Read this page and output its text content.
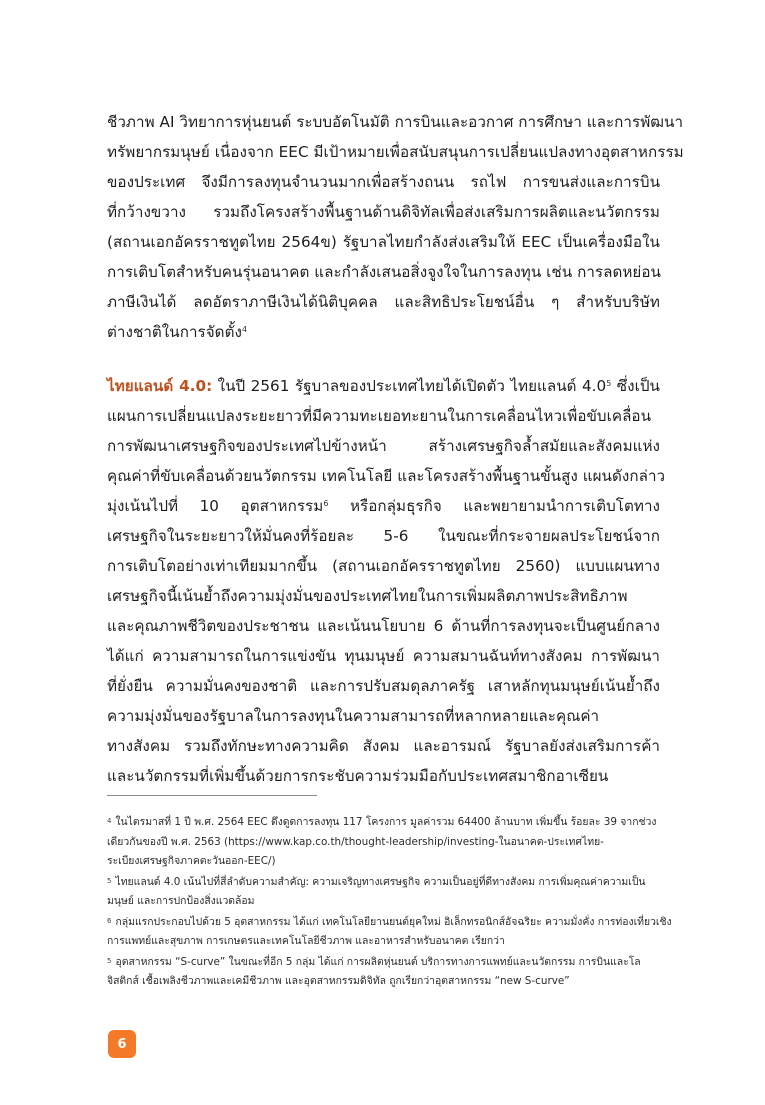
ชีวภาพ AI วิทยาการหุ่นยนต์ ระบบอัตโนมัติ การบินและอวกาศ การศึกษา และการพัฒนา
ทรัพยากรมนุษย์ เนื่องจาก EEC มีเป้าหมายเพื่อสนับสนุนการเปลี่ยนแปลงทางอุตสาหกรรม
ของประเทศ จึงมีการลงทุนจำนวนมากเพื่อสร้างถนน รถไฟ การขนส่งและการบิน
ที่กว้างขวาง รวมถึงโครงสร้างพื้นฐานด้านดิจิทัลเพื่อส่งเสริมการผลิตและนวัตกรรม
(สถานเอกอัครราชทูตไทย 2564ข) รัฐบาลไทยกำลังส่งเสริมให้ EEC เป็นเครื่องมือใน
การเติบโตสำหรับคนรุ่นอนาคต และกำลังเสนอสิ่งจูงใจในการลงทุน เช่น การลดหย่อน
ภาษีเงินได้ ลดอัตราภาษีเงินได้นิติบุคคล และสิทธิประโยชน์อื่น ๆ สำหรับบริษัท
ต่างชาติในการจัดตั้ง$^4$
ไทยแลนด์ 4.0: ในปี 2561 รัฐบาลของประเทศไทยได้เปิดตัว ไทยแลนด์ 4.0$^5$ ซึ่งเป็น
แผนการเปลี่ยนแปลงระยะยาวที่มีความทะเยอทะยานในการเคลื่อนไหวเพื่อขับเคลื่อน
การพัฒนาเศรษฐกิจของประเทศไปข้างหน้า สร้างเศรษฐกิจล้ำสมัยและสังคมแห่ง
คุณค่าที่ขับเคลื่อนด้วยนวัตกรรม เทคโนโลยี และโครงสร้างพื้นฐานขั้นสูง แผนดังกล่าว
มุ่งเน้นไปที่ 10 อุตสาหกรรม$^6$ หรือกลุ่มธุรกิจ และพยายามนำการเติบโตทาง
เศรษฐกิจในระยะยาวให้มั่นคงที่ร้อยละ 5-6 ในขณะที่กระจายผลประโยชน์จาก
การเติบโตอย่างเท่าเทียมมากขึ้น (สถานเอกอัครราชทูตไทย 2560) แบบแผนทาง
เศรษฐกิจนี้เน้นย้ำถึงความมุ่งมั่นของประเทศไทยในการเพิ่มผลิตภาพประสิทธิภาพ
และคุณภาพชีวิตของประชาชน และเน้นนโยบาย 6 ด้านที่การลงทุนจะเป็นศูนย์กลาง
ได้แก่ ความสามารถในการแข่งขัน ทุนมนุษย์ ความสมานฉันท์ทางสังคม การพัฒนา
ที่ยั่งยืน ความมั่นคงของชาติ และการปรับสมดุลภาครัฐ เสาหลักทุนมนุษย์เน้นย้ำถึง
ความมุ่งมั่นของรัฐบาลในการลงทุนในความสามารถที่หลากหลายและคุณค่า
ทางสังคม รวมถึงทักษะทางความคิด สังคม และอารมณ์ รัฐบาลยังส่งเสริมการค้า
และนวัตกรรมที่เพิ่มขึ้นด้วยการกระชับความร่วมมือกับประเทศสมาชิกอาเซียน
$^4$ ในไตรมาสที่ 1 ปี พ.ศ. 2564 EEC ดึงดูดการลงทุน 117 โครงการ มูลค่ารวม 64400 ล้านบาท เพิ่มขึ้น ร้อยละ 39 จากช่วง
เดียวกันของปี พ.ศ. 2563 (https://www.kap.co.th/thought-leadership/investing-ในอนาคต-ประเทศไทย-
ระเบียงเศรษฐกิจภาคตะวันออก-EEC/)
$^5$ ไทยแลนด์ 4.0 เน้นไปที่สี่ลำดับความสำคัญ: ความเจริญทางเศรษฐกิจ ความเป็นอยู่ที่ดีทางสังคม การเพิ่มคุณค่าความเป็น
มนุษย์ และการปกป้องสิ่งแวดล้อม
$^6$ กลุ่มแรกประกอบไปด้วย 5 อุตสาหกรรม ได้แก่ เทคโนโลยียานยนต์ยุคใหม่ อิเล็กทรอนิกส์อัจฉริยะ ความมั่งคั่ง การท่องเที่ยวเชิง
การแพทย์และสุขภาพ การเกษตรและเทคโนโลยีชีวภาพ และอาหารสำหรับอนาคต เรียกว่า
$^5$ อุตสาหกรรม “S-curve” ในขณะที่อีก 5 กลุ่ม ได้แก่ การผลิตหุ่นยนต์ บริการทางการแพทย์และนวัตกรรม การบินและโล
จิสติกส์ เชื้อเพลิงชีวภาพและเคมีชีวภาพ และอุตสาหกรรมดิจิทัล ถูกเรียกว่าอุตสาหกรรม “new S-curve”
6
